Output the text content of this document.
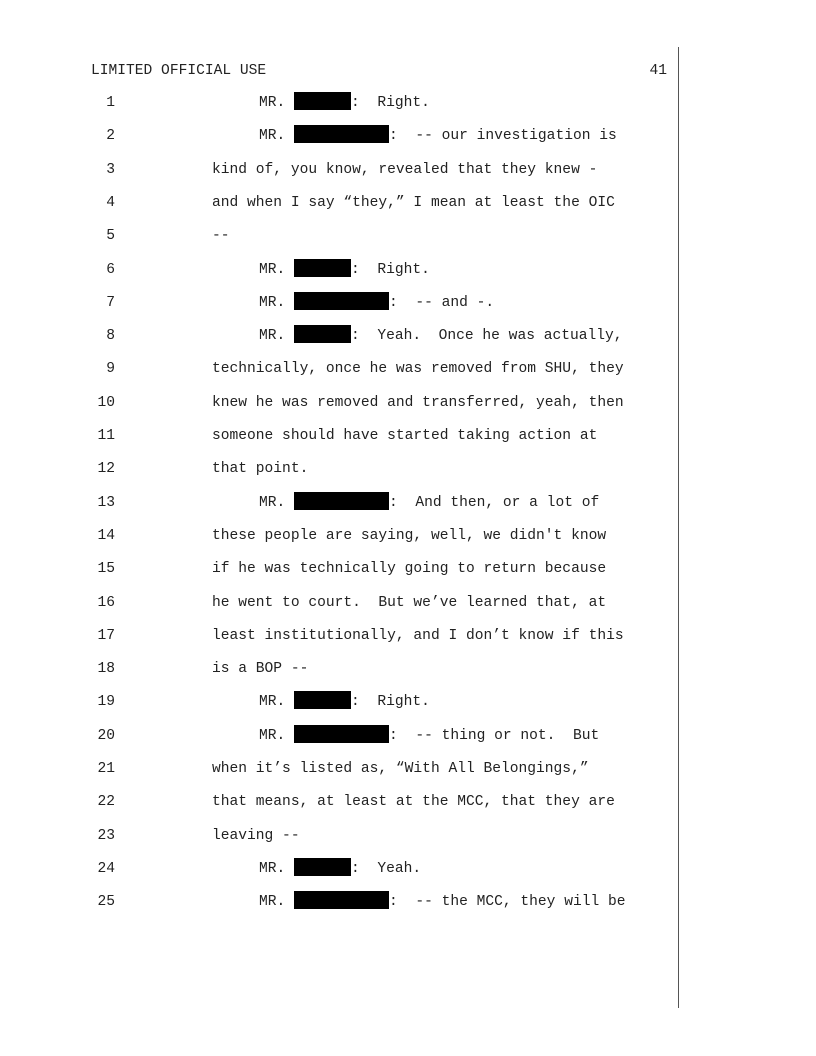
LIMITED OFFICIAL USE	41
1	MR.	:  Right.
2	MR.	:  -- our investigation is
3	kind of, you know, revealed that they knew -
4	and when I say “they,” I mean at least the OIC
5	--
6	MR.	:  Right.
7	MR.	:  -- and -.
8	MR.	:  Yeah.  Once he was actually,
9	technically, once he was removed from SHU, they
10	knew he was removed and transferred, yeah, then
11	someone should have started taking action at
12	that point.
13	MR.	:  And then, or a lot of
14	these people are saying, well, we didn't know
15	if he was technically going to return because
16	he went to court.  But we’ve learned that, at
17	least institutionally, and I don’t know if this
18	is a BOP --
19	MR.	:  Right.
20	MR.	:  -- thing or not.  But
21	when it’s listed as, “With All Belongings,”
22	that means, at least at the MCC, that they are
23	leaving --
24	MR.	:  Yeah.
25	MR.	:  -- the MCC, they will be
